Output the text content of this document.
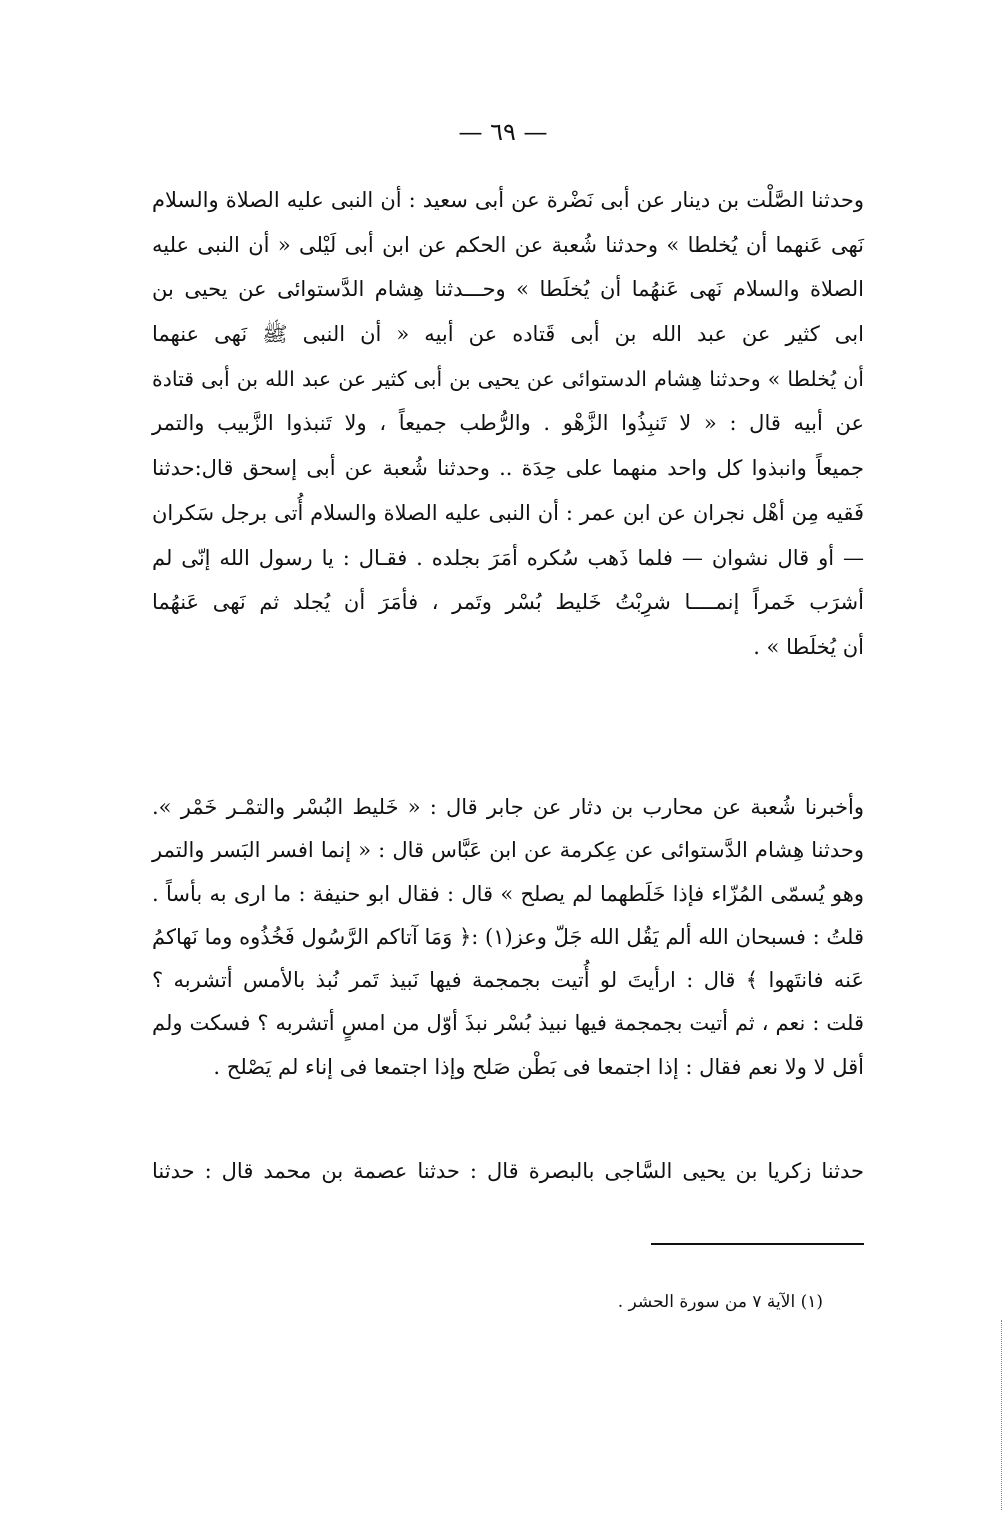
— ٦٩ —
وحدثنا الصَّلْت بن دينار عن أبى نَضْرة عن أبى سعيد : أن النبى عليه الصلاة والسلام
نَهى عَنهما أن يُخلطا » وحدثنا شُعبة عن الحكم عن ابن أبى لَيْلى « أن النبى عليه
الصلاة والسلام نَهى عَنهُما أن يُخلَطا » وحـــدثنا هِشام الدَّستوائى عن يحيى بن
ابى كثير عن عبد الله بن أبى قَتاده عن أبيه « أن النبى ﷺ نَهى عنهما
أن يُخلطا » وحدثنا هِشام الدستوائى عن يحيى بن أبى كثير عن عبد الله بن أبى قتادة
عن أبيه قال : « لا تَنبِذُوا الزَّهْو . والرُّطب جميعاً ، ولا تَنبذوا الزَّبيب والتمر
جميعاً وانبذوا كل واحد منهما على حِدَة .. وحدثنا شُعبة عن أبى إسحق قال:حدثنا
فَقيه مِن أهْل نجران عن ابن عمر : أن النبى عليه الصلاة والسلام أُتى برجل سَكران
— أو قال نشوان — فلما ذَهب سُكره أمَرَ بجلده . فقـال : يا رسول الله إنّى لم
أشرَب خَمراً إنمــــا شرِبْتُ خَليط بُسْر وتَمر ، فأمَرَ أن يُجلد ثم نَهى عَنهُما
أن يُخلَطا » .
وأخبرنا شُعبة عن محارب بن دثار عن جابر قال : « خَليط البُسْر والتمْـر خَمْر ».
وحدثنا هِشام الدَّستوائى عن عِكرمة عن ابن عَبَّاس قال : « إنما افسر البَسر والتمر
وهو يُسمّى المُزّاء فإذا خَلَطهما لم يصلح » قال : فقال ابو حنيفة : ما ارى به بأساً .
قلتُ : فسبحان الله ألم يَقُل الله جَلّ وعز(١) :﴿ وَمَا آتاكم الرَّسُول فَخُذُوه وما نَهاكمُ
عَنه فانتَهوا ﴾ قال : ارأيتَ لو أُتيت بجمجمة فيها نَبيذ تَمر نُبذ بالأمس أتشربه ؟
قلت : نعم ، ثم أتيت بجمجمة فيها نبيذ بُسْر نبذَ أوّل من امسٍ أتشربه ؟ فسكت ولم
أقل لا ولا نعم فقال : إذا اجتمعا فى بَطْن صَلح وإذا اجتمعا فى إناء لم يَصْلح .
حدثنا زكريا بن يحيى السَّاجى بالبصرة قال : حدثنا عصمة بن محمد قال : حدثنا
(١) الآية ٧ من سورة الحشر .
